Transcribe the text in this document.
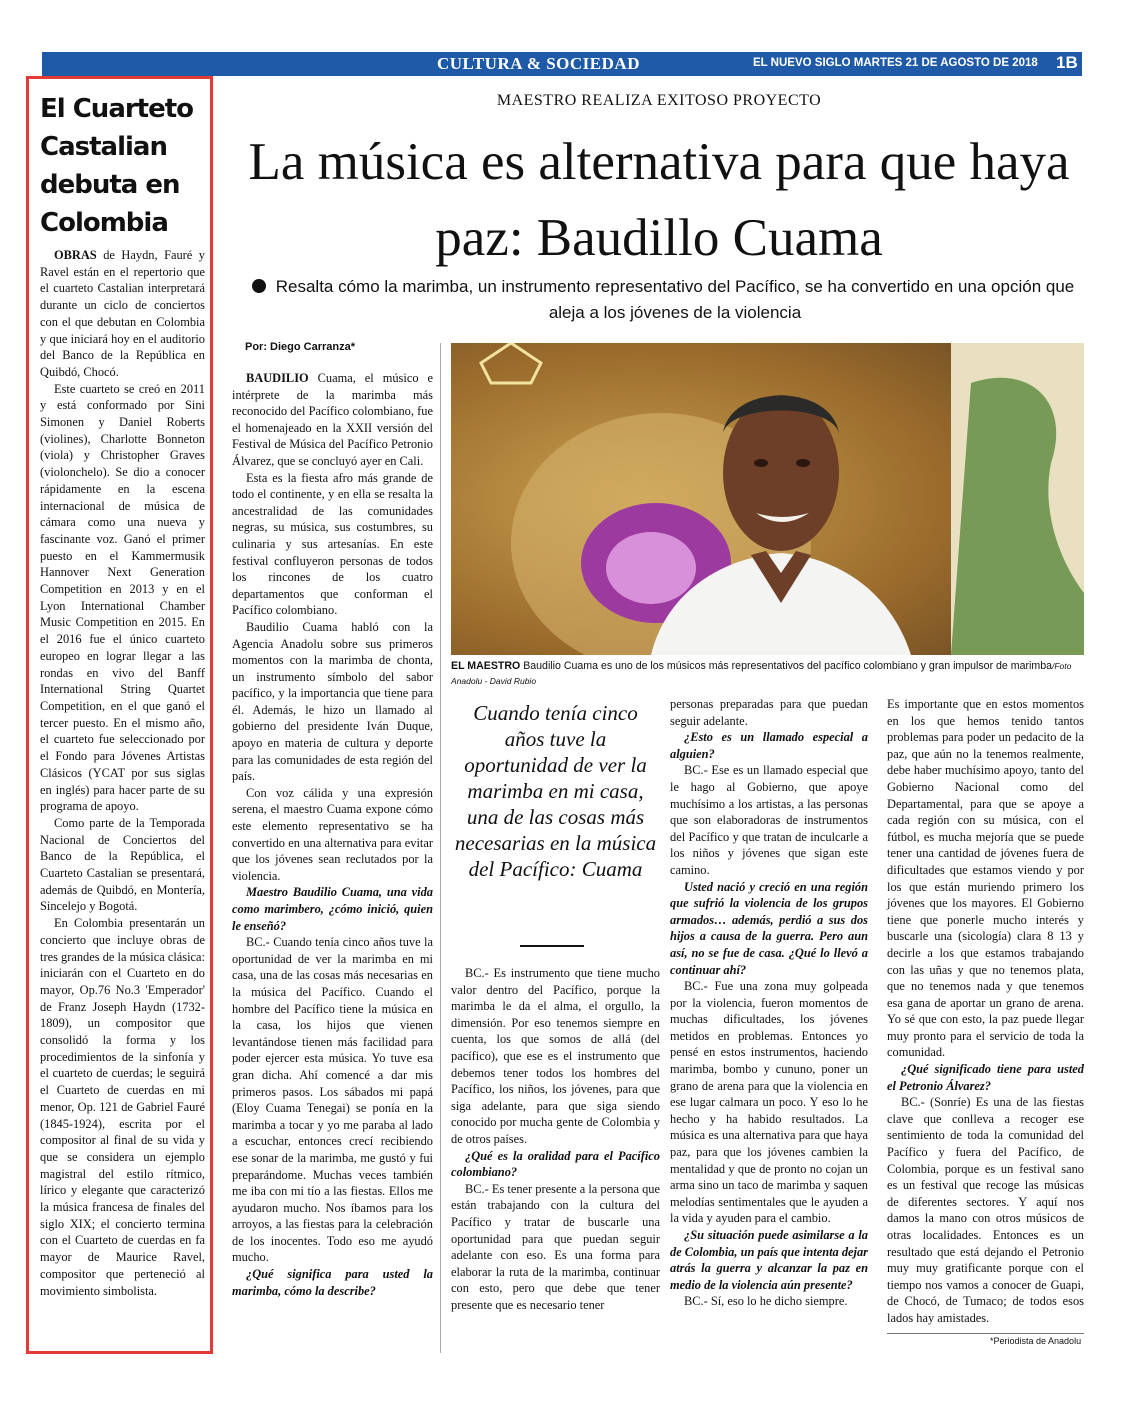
CULTURA & SOCIEDAD	EL NUEVO SIGLO MARTES 21 DE AGOSTO DE 2018 1B
El Cuarteto Castalian debuta en Colombia

OBRAS de Haydn, Fauré y Ravel están en el repertorio que el cuarteto Castalian interpretará durante un ciclo de conciertos con el que debutan en Colombia y que iniciará hoy en el auditorio del Banco de la República en Quibdó, Chocó.

Este cuarteto se creó en 2011 y está conformado por Sini Simonen y Daniel Roberts (violines), Charlotte Bonneton (viola) y Christopher Graves (violonchelo). Se dio a conocer rápidamente en la escena internacional de música de cámara como una nueva y fascinante voz. Ganó el primer puesto en el Kammermusik Hannover Next Generation Competition en 2013 y en el Lyon International Chamber Music Competition en 2015. En el 2016 fue el único cuarteto europeo en lograr llegar a las rondas en vivo del Banff International String Quartet Competition, en el que ganó el tercer puesto. En el mismo año, el cuarteto fue seleccionado por el Fondo para Jóvenes Artistas Clásicos (YCAT por sus siglas en inglés) para hacer parte de su programa de apoyo.

Como parte de la Temporada Nacional de Conciertos del Banco de la República, el Cuarteto Castalian se presentará, además de Quibdó, en Montería, Sincelejo y Bogotá.

En Colombia presentarán un concierto que incluye obras de tres grandes de la música clásica: iniciarán con el Cuarteto en do mayor, Op.76 No.3 'Emperador' de Franz Joseph Haydn (1732-1809), un compositor que consolidó la forma y los procedimientos de la sinfonía y el cuarteto de cuerdas; le seguirá el Cuarteto de cuerdas en mi menor, Op. 121 de Gabriel Fauré (1845-1924), escrita por el compositor al final de su vida y que se considera un ejemplo magistral del estilo rítmico, lírico y elegante que caracterizó la música francesa de finales del siglo XIX; el concierto termina con el Cuarteto de cuerdas en fa mayor de Maurice Ravel, compositor que perteneció al movimiento simbolista.

MAESTRO REALIZA EXITOSO PROYECTO
La música es alternativa para que haya paz: Baudillo Cuama
Resalta cómo la marimba, un instrumento representativo del Pacífico, se ha convertido en una opción que aleja a los jóvenes de la violencia
Por: Diego Carranza*

BAUDILIO Cuama, el músico e intérprete de la marimba más reconocido del Pacífico colombiano, fue el homenajeado en la XXII versión del Festival de Música del Pacífico Petronio Álvarez, que se concluyó ayer en Cali.

Esta es la fiesta afro más grande de todo el continente, y en ella se resalta la ancestralidad de las comunidades negras, su música, sus costumbres, su culinaria y sus artesanías. En este festival confluyeron personas de todos los rincones de los cuatro departamentos que conforman el Pacífico colombiano.

Baudilio Cuama habló con la Agencia Anadolu sobre sus primeros momentos con la marimba de chonta, un instrumento símbolo del sabor pacífico, y la importancia que tiene para él. Además, le hizo un llamado al gobierno del presidente Iván Duque, apoyo en materia de cultura y deporte para las comunidades de esta región del país.

Con voz cálida y una expresión serena, el maestro Cuama expone cómo este elemento representativo se ha convertido en una alternativa para evitar que los jóvenes sean reclutados por la violencia.

Maestro Baudilio Cuama, una vida como marimbero, ¿cómo inició, quien le enseñó?

BC.- Cuando tenía cinco años tuve la oportunidad de ver la marimba en mi casa, una de las cosas más necesarias en la música del Pacífico. Cuando el hombre del Pacífico tiene la música en la casa, los hijos que vienen levantándose tienen más facilidad para poder ejercer esta música. Yo tuve esa gran dicha. Ahí comencé a dar mis primeros pasos. Los sábados mi papá (Eloy Cuama Tenegai) se ponía en la marimba a tocar y yo me paraba al lado a escuchar, entonces crecí recibiendo ese sonar de la marimba, me gustó y fui preparándome. Muchas veces también me iba con mi tío a las fiestas. Ellos me ayudaron mucho. Nos íbamos para los arroyos, a las fiestas para la celebración de los inocentes. Todo eso me ayudó mucho.

¿Qué significa para usted la marimba, cómo la describe?

EL MAESTRO Baudilio Cuama es uno de los músicos más representativos del pacífico colombiano y gran impulsor de marimba/Foto Anadolu - David Rubio
Cuando tenía cinco años tuve la oportunidad de ver la marimba en mi casa, una de las cosas más necesarias en la música del Pacífico: Cuama

BC.- Es instrumento que tiene mucho valor dentro del Pacífico, porque la marimba le da el alma, el orgullo, la dimensión. Por eso tenemos siempre en cuenta, los que somos de allá (del pacífico), que ese es el instrumento que debemos tener todos los hombres del Pacífico, los niños, los jóvenes, para que siga adelante, para que siga siendo conocido por mucha gente de Colombia y de otros países.

¿Qué es la oralidad para el Pacífico colombiano?

BC.- Es tener presente a la persona que están trabajando con la cultura del Pacífico y tratar de buscarle una oportunidad para que puedan seguir adelante con eso. Es una forma para elaborar la ruta de la marimba, continuar con esto, pero que debe que tener presente que es necesario tener

personas preparadas para que puedan seguir adelante.

¿Esto es un llamado especial a alguien?

BC.- Ese es un llamado especial que le hago al Gobierno, que apoye muchísimo a los artistas, a las personas que son elaboradoras de instrumentos del Pacífico y que tratan de inculcarle a los niños y jóvenes que sigan este camino.

Usted nació y creció en una región que sufrió la violencia de los grupos armados… además, perdió a sus dos hijos a causa de la guerra. Pero aun así, no se fue de casa. ¿Qué lo llevó a continuar ahí?

BC.- Fue una zona muy golpeada por la violencia, fueron momentos de muchas dificultades, los jóvenes metidos en problemas. Entonces yo pensé en estos instrumentos, haciendo marimba, bombo y cununo, poner un grano de arena para que la violencia en ese lugar calmara un poco. Y eso lo he hecho y ha habido resultados. La música es una alternativa para que haya paz, para que los jóvenes cambien la mentalidad y que de pronto no cojan un arma sino un taco de marimba y saquen melodías sentimentales que le ayuden a la vida y ayuden para el cambio.

¿Su situación puede asimilarse a la de Colombia, un país que intenta dejar atrás la guerra y alcanzar la paz en medio de la violencia aún presente?

BC.- Sí, eso lo he dicho siempre.

Es importante que en estos momentos en los que hemos tenido tantos problemas para poder un pedacito de la paz, que aún no la tenemos realmente, debe haber muchísimo apoyo, tanto del Gobierno Nacional como del Departamental, para que se apoye a cada región con su música, con el fútbol, es mucha mejoría que se puede tener una cantidad de jóvenes fuera de dificultades que estamos viendo y por los que están muriendo primero los jóvenes que los mayores. El Gobierno tiene que ponerle mucho interés y buscarle una (sicología) clara 8 13 y decirle a los que estamos trabajando con las uñas y que no tenemos plata, que no tenemos nada y que tenemos esa gana de aportar un grano de arena. Yo sé que con esto, la paz puede llegar muy pronto para el servicio de toda la comunidad.

¿Qué significado tiene para usted el Petronio Álvarez?

BC.- (Sonríe) Es una de las fiestas clave que conlleva a recoger ese sentimiento de toda la comunidad del Pacífico y fuera del Pacífico, de Colombia, porque es un festival sano es un festival que recoge las músicas de diferentes sectores. Y aquí nos damos la mano con otros músicos de otras localidades. Entonces es un resultado que está dejando el Petronio muy muy gratificante porque con el tiempo nos vamos a conocer de Guapi, de Chocó, de Tumaco; de todos esos lados hay amistades.

*Periodista de Anadolu
